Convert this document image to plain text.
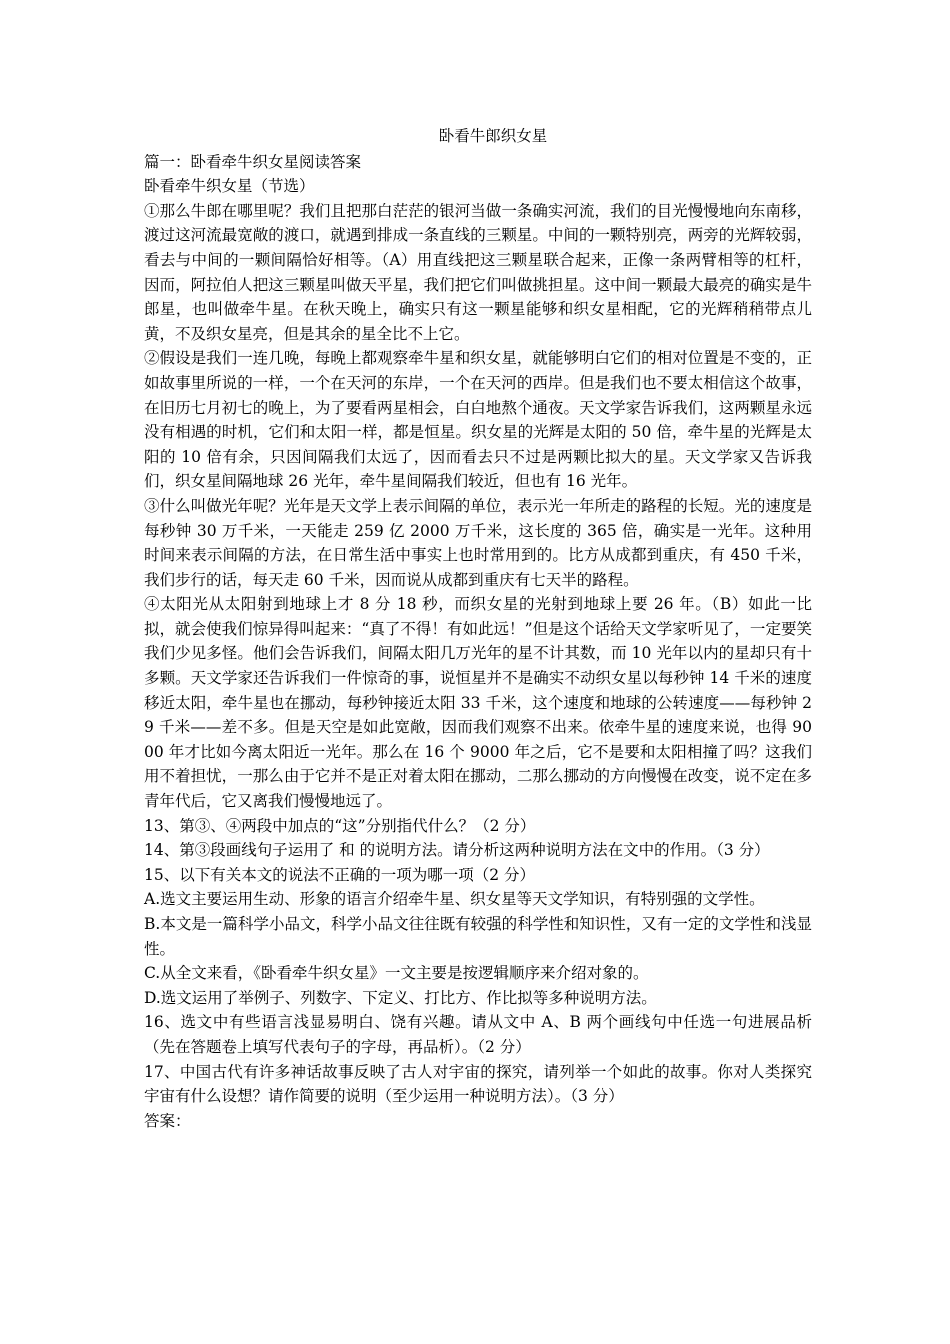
卧看牛郎织女星

篇一：卧看牵牛织女星阅读答案

卧看牵牛织女星（节选）

①那么牛郎在哪里呢？我们且把那白茫茫的银河当做一条确实河流，我们的目光慢慢地向东南移，渡过这河流最宽敞的渡口，就遇到排成一条直线的三颗星。中间的一颗特别亮，两旁的光辉较弱，看去与中间的一颗间隔恰好相等。（A）用直线把这三颗星联合起来，正像一条两臂相等的杠杆，因而，阿拉伯人把这三颗星叫做天平星，我们把它们叫做挑担星。这中间一颗最大最亮的确实是牛郎星，也叫做牵牛星。在秋天晚上，确实只有这一颗星能够和织女星相配，它的光辉稍稍带点儿黄，不及织女星亮，但是其余的星全比不上它。

②假设是我们一连几晚，每晚上都观察牵牛星和织女星，就能够明白它们的相对位置是不变的，正如故事里所说的一样，一个在天河的东岸，一个在天河的西岸。但是我们也不要太相信这个故事，在旧历七月初七的晚上，为了要看两星相会，白白地熬个通夜。天文学家告诉我们，这两颗星永远没有相遇的时机，它们和太阳一样，都是恒星。织女星的光辉是太阳的 50 倍，牵牛星的光辉是太阳的 10 倍有余，只因间隔我们太远了，因而看去只不过是两颗比拟大的星。天文学家又告诉我们，织女星间隔地球 26 光年，牵牛星间隔我们较近，但也有 16 光年。

③什么叫做光年呢？光年是天文学上表示间隔的单位，表示光一年所走的路程的长短。光的速度是每秒钟 30 万千米，一天能走 259 亿 2000 万千米，这长度的 365 倍，确实是一光年。这种用时间来表示间隔的方法，在日常生活中事实上也时常用到的。比方从成都到重庆，有 450 千米，我们步行的话，每天走 60 千米，因而说从成都到重庆有七天半的路程。

④太阳光从太阳射到地球上才 8 分 18 秒，而织女星的光射到地球上要 26 年。（B）如此一比拟，就会使我们惊异得叫起来：“真了不得！有如此远！”但是这个话给天文学家听见了，一定要笑我们少见多怪。他们会告诉我们，间隔太阳几万光年的星不计其数，而 10 光年以内的星却只有十多颗。天文学家还告诉我们一件惊奇的事，说恒星并不是确实不动织女星以每秒钟 14 千米的速度移近太阳，牵牛星也在挪动，每秒钟接近太阳 33 千米，这个速度和地球的公转速度——每秒钟 29 千米——差不多。但是天空是如此宽敞，因而我们观察不出来。依牵牛星的速度来说，也得 9000 年才比如今离太阳近一光年。那么在 16 个 9000 年之后，它不是要和太阳相撞了吗？这我们用不着担忧，一那么由于它并不是正对着太阳在挪动，二那么挪动的方向慢慢在改变，说不定在多青年代后，它又离我们慢慢地远了。

13、第③、④两段中加点的“这”分别指代什么？（2 分）

14、第③段画线句子运用了 和 的说明方法。请分析这两种说明方法在文中的作用。（3 分）

15、以下有关本文的说法不正确的一项为哪一项（2 分）

A.选文主要运用生动、形象的语言介绍牵牛星、织女星等天文学知识，有特别强的文学性。

B.本文是一篇科学小品文，科学小品文往往既有较强的科学性和知识性，又有一定的文学性和浅显性。

C.从全文来看，《卧看牵牛织女星》一文主要是按逻辑顺序来介绍对象的。

D.选文运用了举例子、列数字、下定义、打比方、作比拟等多种说明方法。

16、选文中有些语言浅显易明白、饶有兴趣。请从文中 A、B 两个画线句中任选一句进展品析（先在答题卷上填写代表句子的字母，再品析）。（2 分）

17、中国古代有许多神话故事反映了古人对宇宙的探究，请列举一个如此的故事。你对人类探究宇宙有什么设想？请作简要的说明（至少运用一种说明方法）。（3 分）

答案：
